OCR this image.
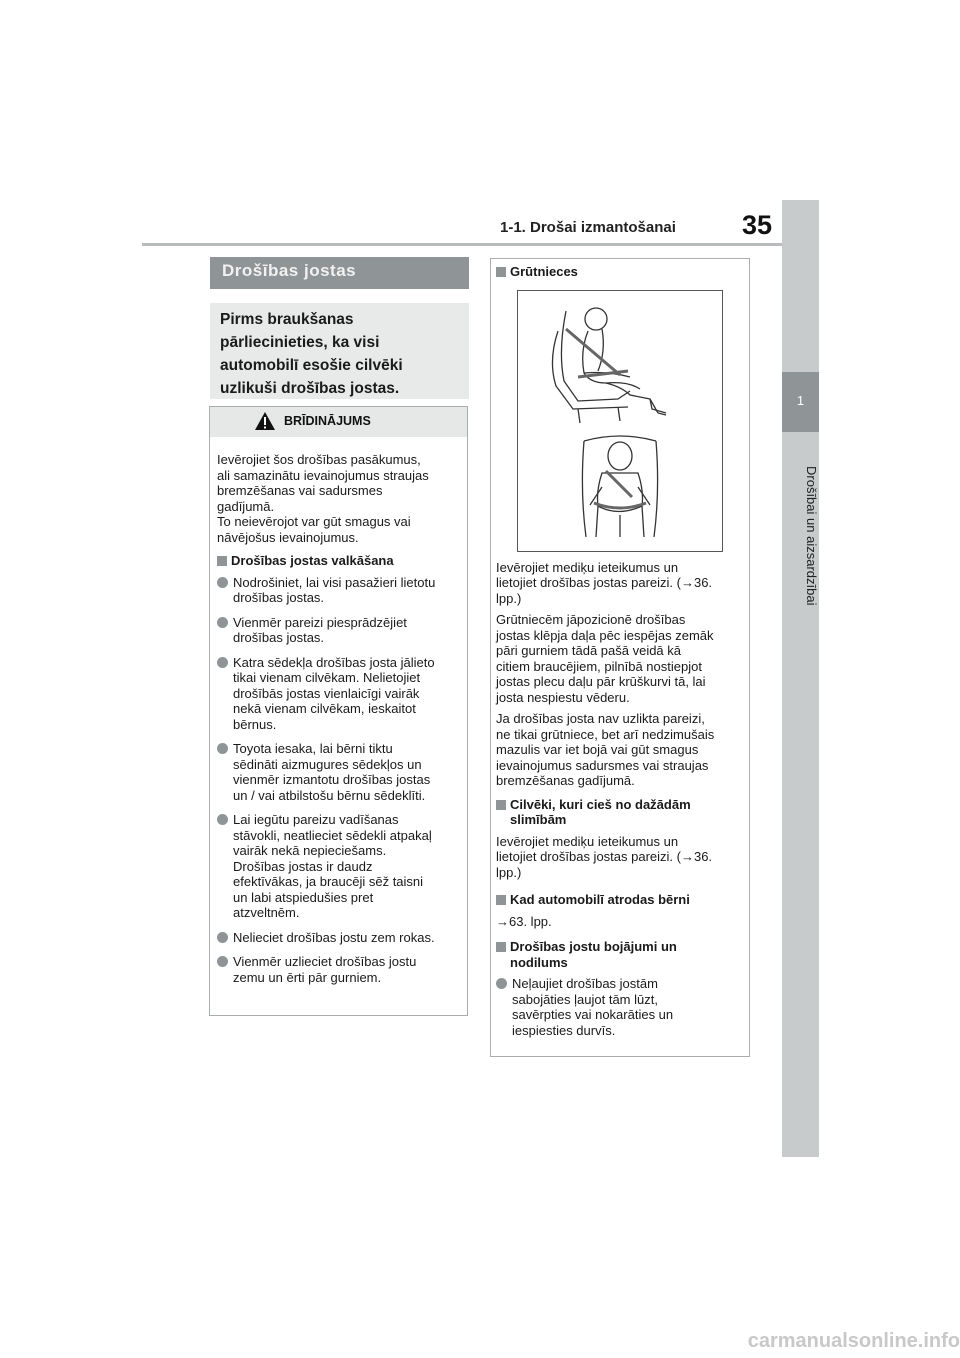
1-1. Drošai izmantošanai 35
1
Drošībai un aizsardzībai
Drošības jostas

Pirms braukšanas

pārliecinieties, ka visi

automobilī esošie cilvēki

uzlikuši drošības jostas.

BRĪDINĀJUMS

Ievērojiet šos drošības pasākumus,
ali samazinātu ievainojumus straujas
bremzēšanas vai sadursmes
gadījumā.
To neievērojot var gūt smagus vai
nāvējošus ievainojumus.

Drošības jostas valkāšana
Nodrošiniet, lai visi pasažieri lietotu
drošības jostas.
Vienmēr pareizi piesprādzējiet
drošības jostas.
Katra sēdekļa drošības josta jālieto
tikai vienam cilvēkam. Nelietojiet
drošībās jostas vienlaicīgi vairāk
nekā vienam cilvēkam, ieskaitot
bērnus.
Toyota iesaka, lai bērni tiktu
sēdināti aizmugures sēdekļos un
vienmēr izmantotu drošības jostas
un / vai atbilstošu bērnu sēdeklīti.
Lai iegūtu pareizu vadīšanas
stāvokli, neatlieciet sēdekli atpakaļ
vairāk nekā nepieciešams.
Drošības jostas ir daudz
efektīvākas, ja braucēji sēž taisni
un labi atspiedušies pret
atzveltnēm.
Nelieciet drošības jostu zem rokas.
Vienmēr uzlieciet drošības jostu
zemu un ērti pār gurniem.
Grūtnieces

Ievērojiet mediķu ieteikumus un
lietojiet drošības jostas pareizi. (→36.
lpp.)

Grūtniecēm jāpozicionē drošības
jostas klēpja daļa pēc iespējas zemāk
pāri gurniem tādā pašā veidā kā
citiem braucējiem, pilnībā nostiepjot
jostas plecu daļu pār krūškurvi tā, lai
josta nespiestu vēderu.

Ja drošības josta nav uzlikta pareizi,
ne tikai grūtniece, bet arī nedzimušais
mazulis var iet bojā vai gūt smagus
ievainojumus sadursmes vai straujas
bremzēšanas gadījumā.

Cilvēki, kuri cieš no dažādām
slimībām

Ievērojiet mediķu ieteikumus un
lietojiet drošības jostas pareizi. (→36.
lpp.)

Kad automobilī atrodas bērni

→63. lpp.

Drošības jostu bojājumi un
nodilums
Neļaujiet drošības jostām
sabojāties ļaujot tām lūzt,
savērpties vai nokarāties un
iespiesties durvīs.
carmanualsonline.info
